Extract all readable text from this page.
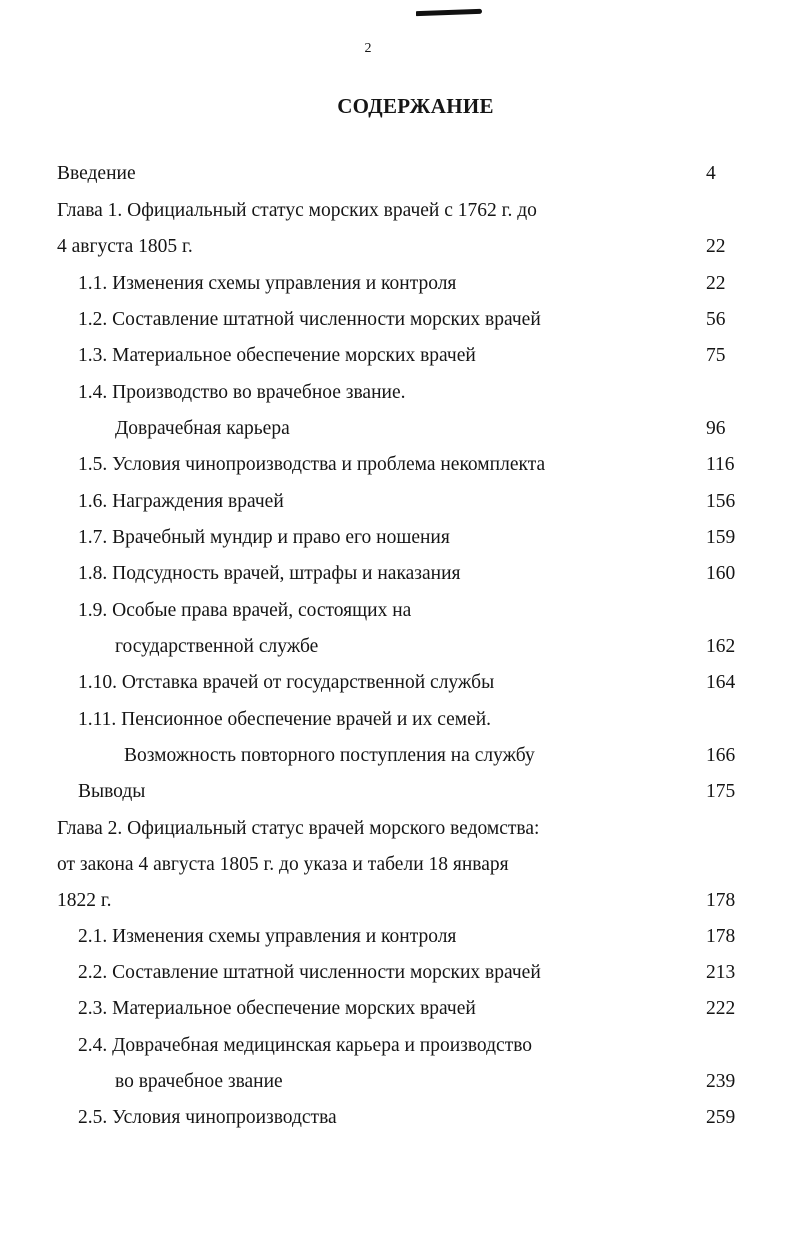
2
СОДЕРЖАНИЕ
Введение	4
Глава 1. Официальный статус морских врачей с 1762 г. до
4 августа 1805 г.	22
1.1. Изменения схемы управления и контроля	22
1.2. Составление штатной численности морских врачей	56
1.3. Материальное обеспечение морских врачей	75
1.4. Производство во врачебное звание.
Доврачебная карьера	96
1.5. Условия чинопроизводства и проблема некомплекта	116
1.6. Награждения врачей	156
1.7. Врачебный мундир и право его ношения	159
1.8. Подсудность врачей, штрафы и наказания	160
1.9. Особые права врачей, состоящих на
государственной службе	162
1.10. Отставка врачей от государственной службы	164
1.11. Пенсионное обеспечение врачей и их семей.
Возможность повторного поступления на службу	166
Выводы	175
Глава 2. Официальный статус врачей морского ведомства:
от закона 4 августа 1805 г. до указа и табели 18 января
1822 г.	178
2.1. Изменения схемы управления и контроля	178
2.2. Составление штатной численности морских врачей	213
2.3. Материальное обеспечение морских врачей	222
2.4. Доврачебная медицинская карьера и производство
во врачебное звание	239
2.5. Условия чинопроизводства	259
